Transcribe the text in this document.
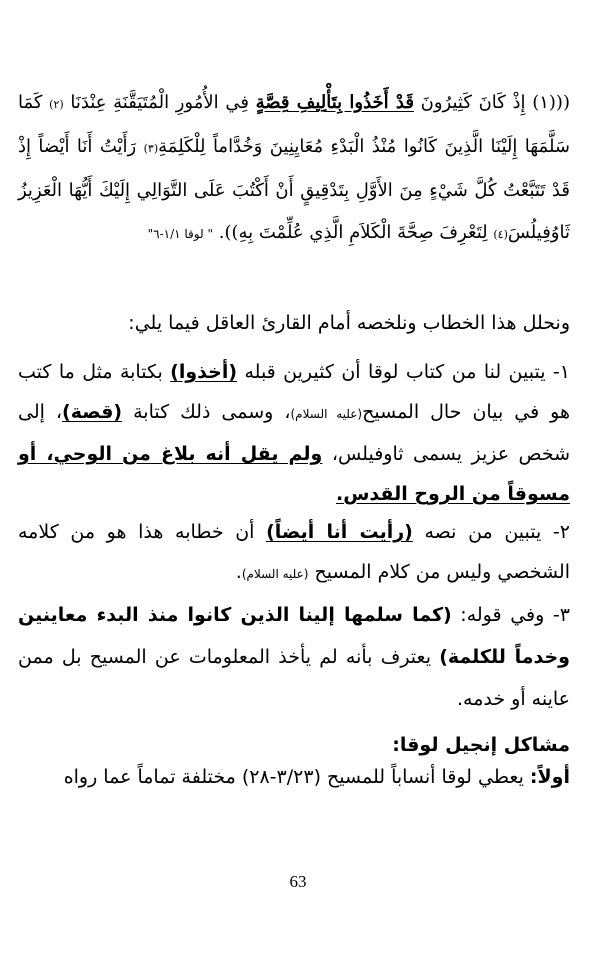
(((١) إِذْ كَانَ كَثِيرُونَ قَدْ أَخَذُوا بِتَأْلِيفِ قِصَّةٍ فِي الأُمُورِ الْمُتَيَقَّنَةِ عِنْدَنَا (٢) كَمَا سَلَّمَهَا إِلَيْنَا الَّذِينَ كَانُوا مُنْذُ الْبَدْءِ مُعَايِنِينَ وَخُدَّاماً لِلْكَلِمَةِ(٣) رَأَيْتُ أَنَا أَيْضاً إِذْ قَدْ تَتَبَّعْتُ كُلَّ شَيْءٍ مِنَ الأَوَّلِ بِتَدْقِيقٍ أَنْ أَكْتُبَ عَلَى التَّوَالِي إِلَيْكَ أَيُّهَا الْعَزِيزُ ثَاوُفِيلُسَ(٤) لِتَعْرِفَ صِحَّةَ الْكَلاَمِ الَّذِي عُلِّمْتَ بِهِ)). " لوقا ١/١-٦"

ونحلل هذا الخطاب ونلخصه أمام القارئ العاقل فيما يلي:

١- يتبين لنا من كتاب لوقا أن كثيرين قبله (أخذوا) بكتابة مثل ما كتب هو في بيان حال المسيح(عليه السلام)، وسمى ذلك كتابة (قصة)، إلى شخص عزيز يسمى ثاوفيلس، ولم يقل أنه بلاغ من الوحي، أو مسوقاً من الروح القدس.

٢- يتبين من نصه (رأيت أنا أيضاً) أن خطابه هذا هو من كلامه الشخصي وليس من كلام المسيح (عليه السلام).

٣- وفي قوله: (كما سلمها إلينا الذين كانوا منذ البدء معاينين وخدماً للكلمة) يعترف بأنه لم يأخذ المعلومات عن المسيح بل ممن عاينه أو خدمه.

مشاكل إنجيل لوقا:

أولاً: يعطي لوقا أنساباً للمسيح (٣/٢٣-٢٨) مختلفة تماماً عما رواه

63
